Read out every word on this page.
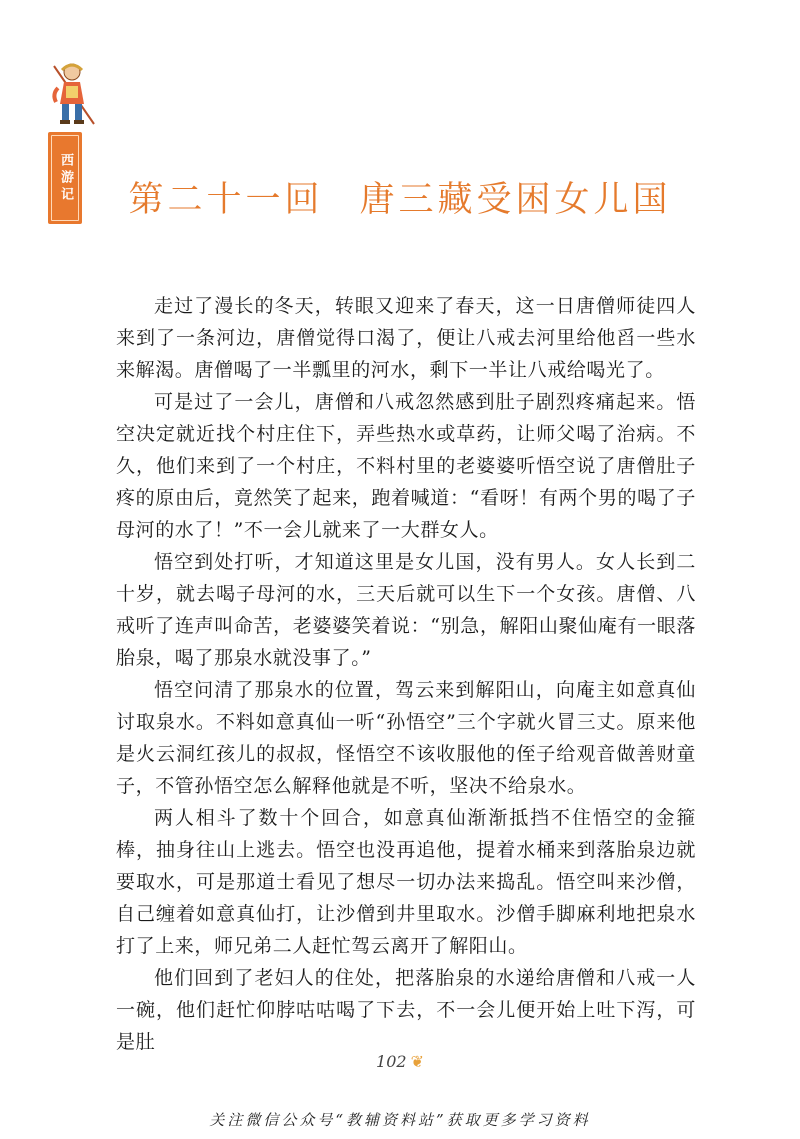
西游记	第二十一回 唐三藏受困女儿国

走过了漫长的冬天，转眼又迎来了春天，这一日唐僧师徒四人来到了一条河边，唐僧觉得口渴了，便让八戒去河里给他舀一些水来解渴。唐僧喝了一半瓢里的河水，剩下一半让八戒给喝光了。

可是过了一会儿，唐僧和八戒忽然感到肚子剧烈疼痛起来。悟空决定就近找个村庄住下，弄些热水或草药，让师父喝了治病。不久，他们来到了一个村庄，不料村里的老婆婆听悟空说了唐僧肚子疼的原由后，竟然笑了起来，跑着喊道：“看呀！有两个男的喝了子母河的水了！”不一会儿就来了一大群女人。

悟空到处打听，才知道这里是女儿国，没有男人。女人长到二十岁，就去喝子母河的水，三天后就可以生下一个女孩。唐僧、八戒听了连声叫命苦，老婆婆笑着说：“别急，解阳山聚仙庵有一眼落胎泉，喝了那泉水就没事了。”

悟空问清了那泉水的位置，驾云来到解阳山，向庵主如意真仙讨取泉水。不料如意真仙一听“孙悟空”三个字就火冒三丈。原来他是火云洞红孩儿的叔叔，怪悟空不该收服他的侄子给观音做善财童子，不管孙悟空怎么解释他就是不听，坚决不给泉水。

两人相斗了数十个回合，如意真仙渐渐抵挡不住悟空的金箍棒，抽身往山上逃去。悟空也没再追他，提着水桶来到落胎泉边就要取水，可是那道士看见了想尽一切办法来捣乱。悟空叫来沙僧，自己缠着如意真仙打，让沙僧到井里取水。沙僧手脚麻利地把泉水打了上来，师兄弟二人赶忙驾云离开了解阳山。

他们回到了老妇人的住处，把落胎泉的水递给唐僧和八戒一人一碗，他们赶忙仰脖咕咕喝了下去，不一会儿便开始上吐下泻，可是肚

102 ❦
关注微信公众号“教辅资料站”获取更多学习资料
